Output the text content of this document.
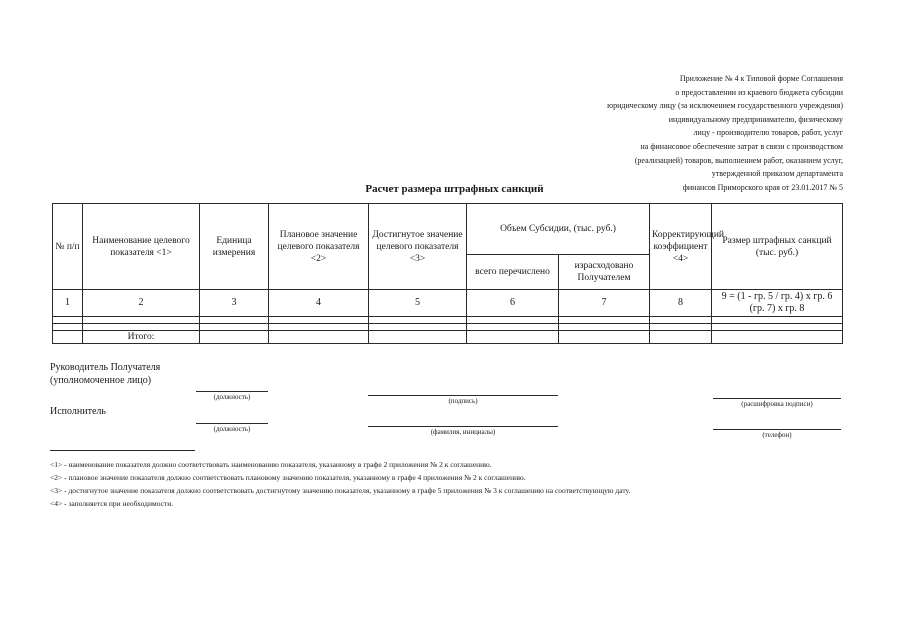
Приложение № 4 к Типовой форме Соглашения
о предоставлении из краевого бюджета субсидии
юридическому лицу (за исключением государственного учреждения)
индивидуальному предпринимателю, физическому
лицу - производителю товаров, работ, услуг
на финансовое обеспечение затрат в связи с производством
(реализацией) товаров, выполнением работ, оказанием услуг,
утвержденной приказом департамента
финансов Приморского края от 23.01.2017 № 5
Расчет размера штрафных санкций
№ п/п	Наименование целевого показателя <1>	Единица измерения	Плановое значение целевого показателя <2>	Достигнутое значение целевого показателя <3>	Объем Субсидии, (тыс. руб.)		Корректирующий коэффициент <4>	Размер штрафных санкций (тыс. руб.)
					всего перечислено	израсходовано Получателем		
1	2	3	4	5	6	7	8	9 = (1 - гр. 5 / гр. 4) х гр. 6 (гр. 7) х гр. 8

	Итого:							
Руководитель Получателя
(уполномоченное лицо)
Исполнитель
(должность)	(подпись)	(расшифровка подписи)
(должность)	(фамилия, инициалы)	(телефон)
<1> - наименование показателя должно соответствовать наименованию показателя, указанному в графе 2 приложения № 2 к соглашению.
<2> - плановое значение показателя должно соответствовать плановому значению показателя, указанному в графе 4 приложения № 2 к соглашению.
<3> - достигнутое значение показателя должно соответствовать достигнутому значению показателя, указанному в графе 5 приложения № 3 к соглашению на соответствующую дату.
<4> - заполняется при необходимости.
